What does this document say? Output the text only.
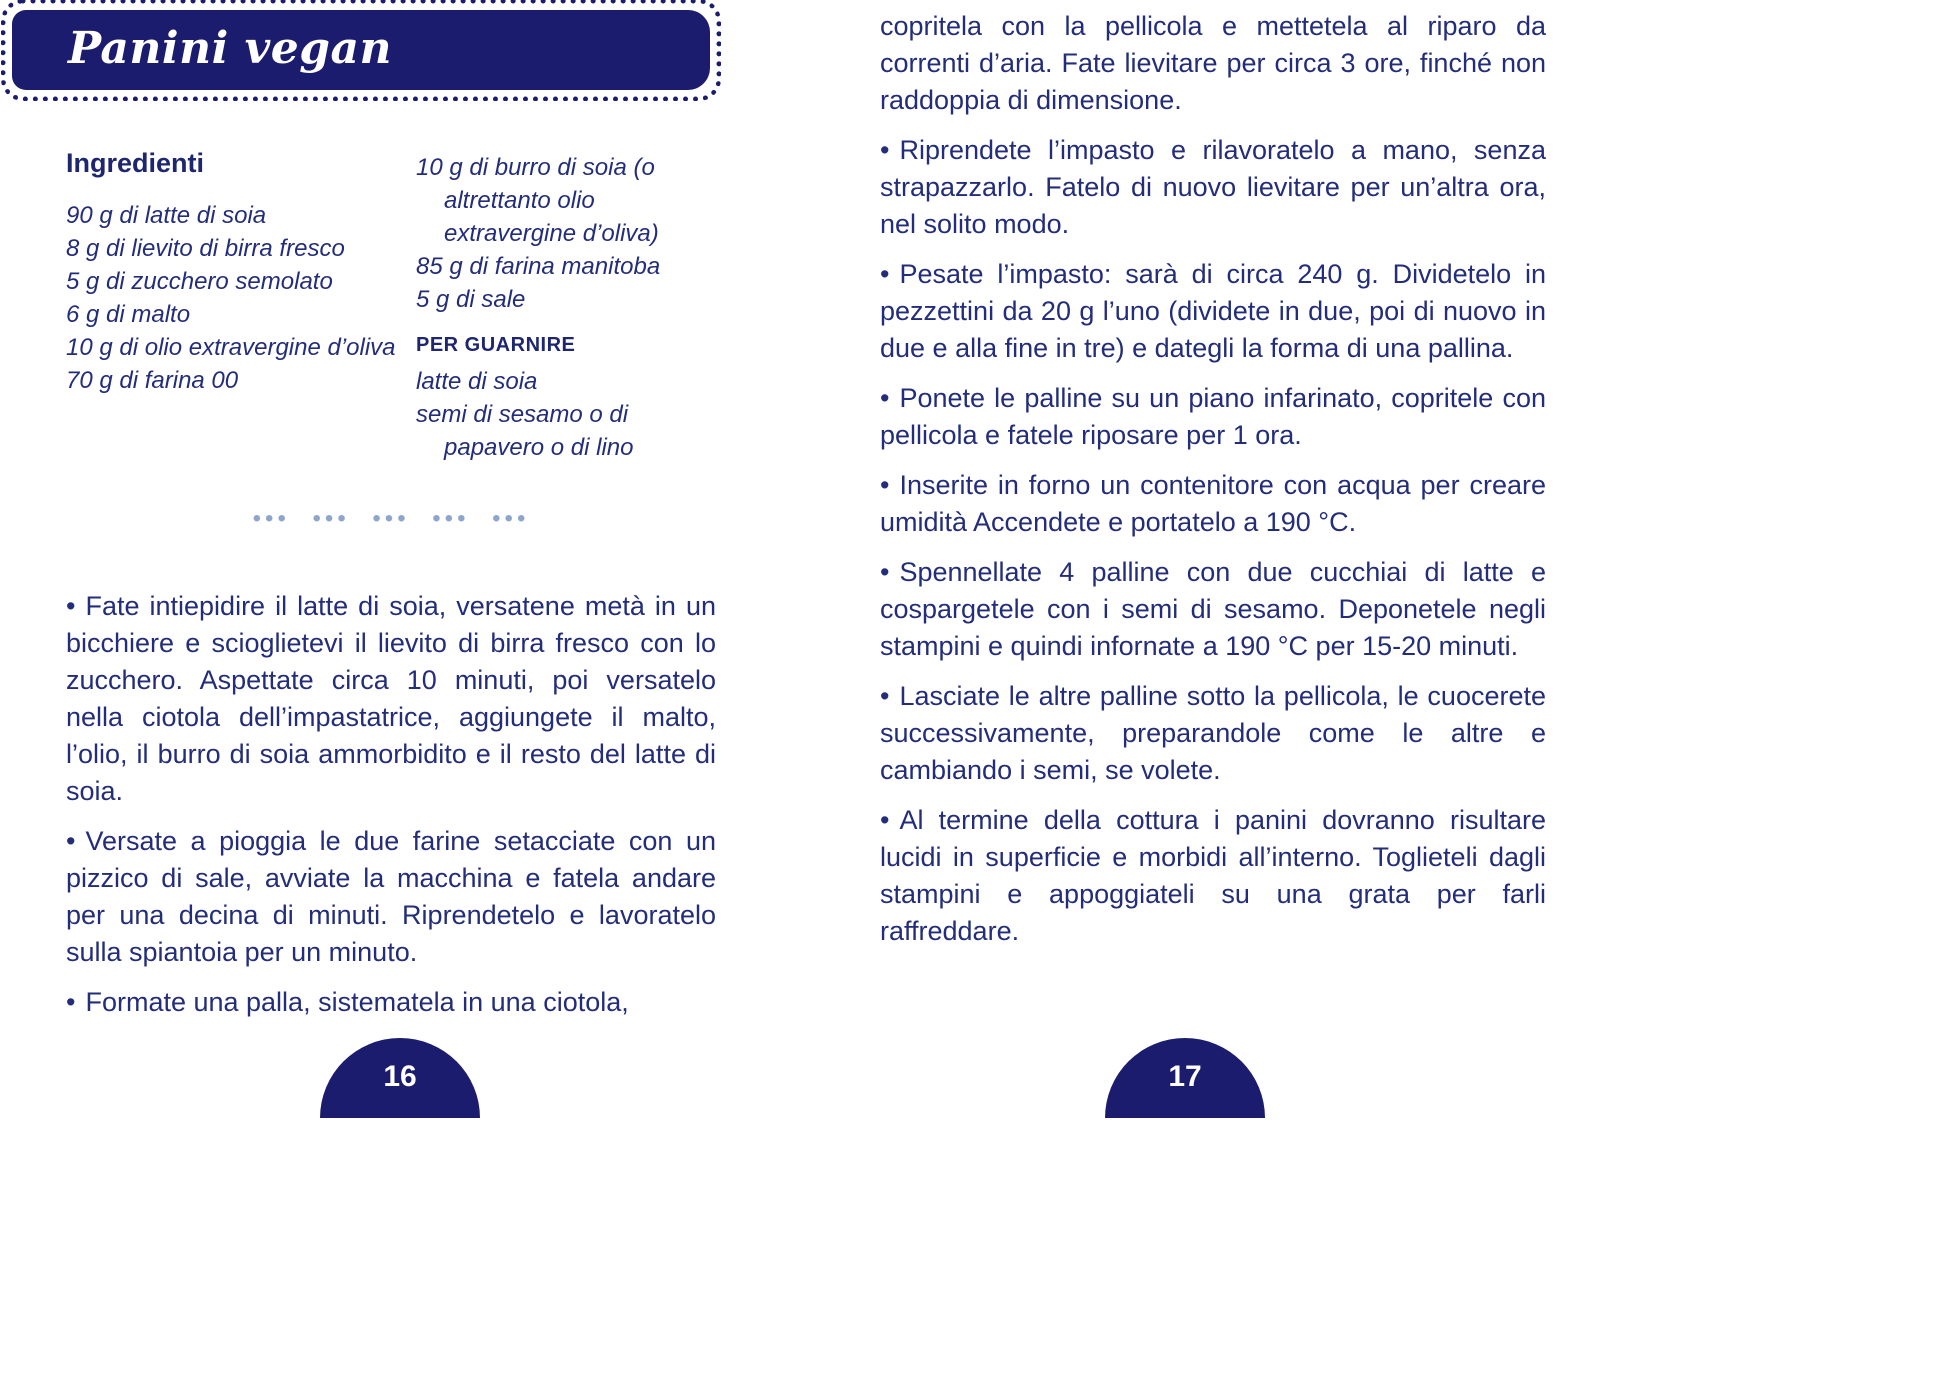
Panini vegan
Ingredienti
90 g di latte di soia
8 g di lievito di birra fresco
5 g di zucchero semolato
6 g di malto
10 g di olio extravergine d’oliva
70 g di farina 00
10 g di burro di soia (o altrettanto olio extravergine d’oliva)
85 g di farina manitoba
5 g di sale
PER GUARNIRE
latte di soia
semi di sesamo o di papavero o di lino
••• ••• ••• ••• •••

• Fate intiepidire il latte di soia, versatene metà in un bicchiere e scioglietevi il lievito di birra fresco con lo zucchero. Aspettate circa 10 minuti, poi versatelo nella ciotola dell’impastatrice, aggiungete il malto, l’olio, il burro di soia ammorbidito e il resto del latte di soia.

• Versate a pioggia le due farine setacciate con un pizzico di sale, avviate la macchina e fatela andare per una decina di minuti. Riprendetelo e lavoratelo sulla spiantoia per un minuto.

• Formate una palla, sistematela in una ciotola,

16

copritela con la pellicola e mettetela al riparo da correnti d’aria. Fate lievitare per circa 3 ore, finché non raddoppia di dimensione.

• Riprendete l’impasto e rilavoratelo a mano, senza strapazzarlo. Fatelo di nuovo lievitare per un’altra ora, nel solito modo.

• Pesate l’impasto: sarà di circa 240 g. Dividetelo in pezzettini da 20 g l’uno (dividete in due, poi di nuovo in due e alla fine in tre) e dategli la forma di una pallina.

• Ponete le palline su un piano infarinato, copritele con pellicola e fatele riposare per 1 ora.

• Inserite in forno un contenitore con acqua per creare umidità Accendete e portatelo a 190 °C.

• Spennellate 4 palline con due cucchiai di latte e cospargetele con i semi di sesamo. Deponetele negli stampini e quindi infornate a 190 °C per 15-20 minuti.

• Lasciate le altre palline sotto la pellicola, le cuocerete successivamente, preparandole come le altre e cambiando i semi, se volete.

• Al termine della cottura i panini dovranno risultare lucidi in superficie e morbidi all’interno. Toglieteli dagli stampini e appoggiateli su una grata per farli raffreddare.

17
